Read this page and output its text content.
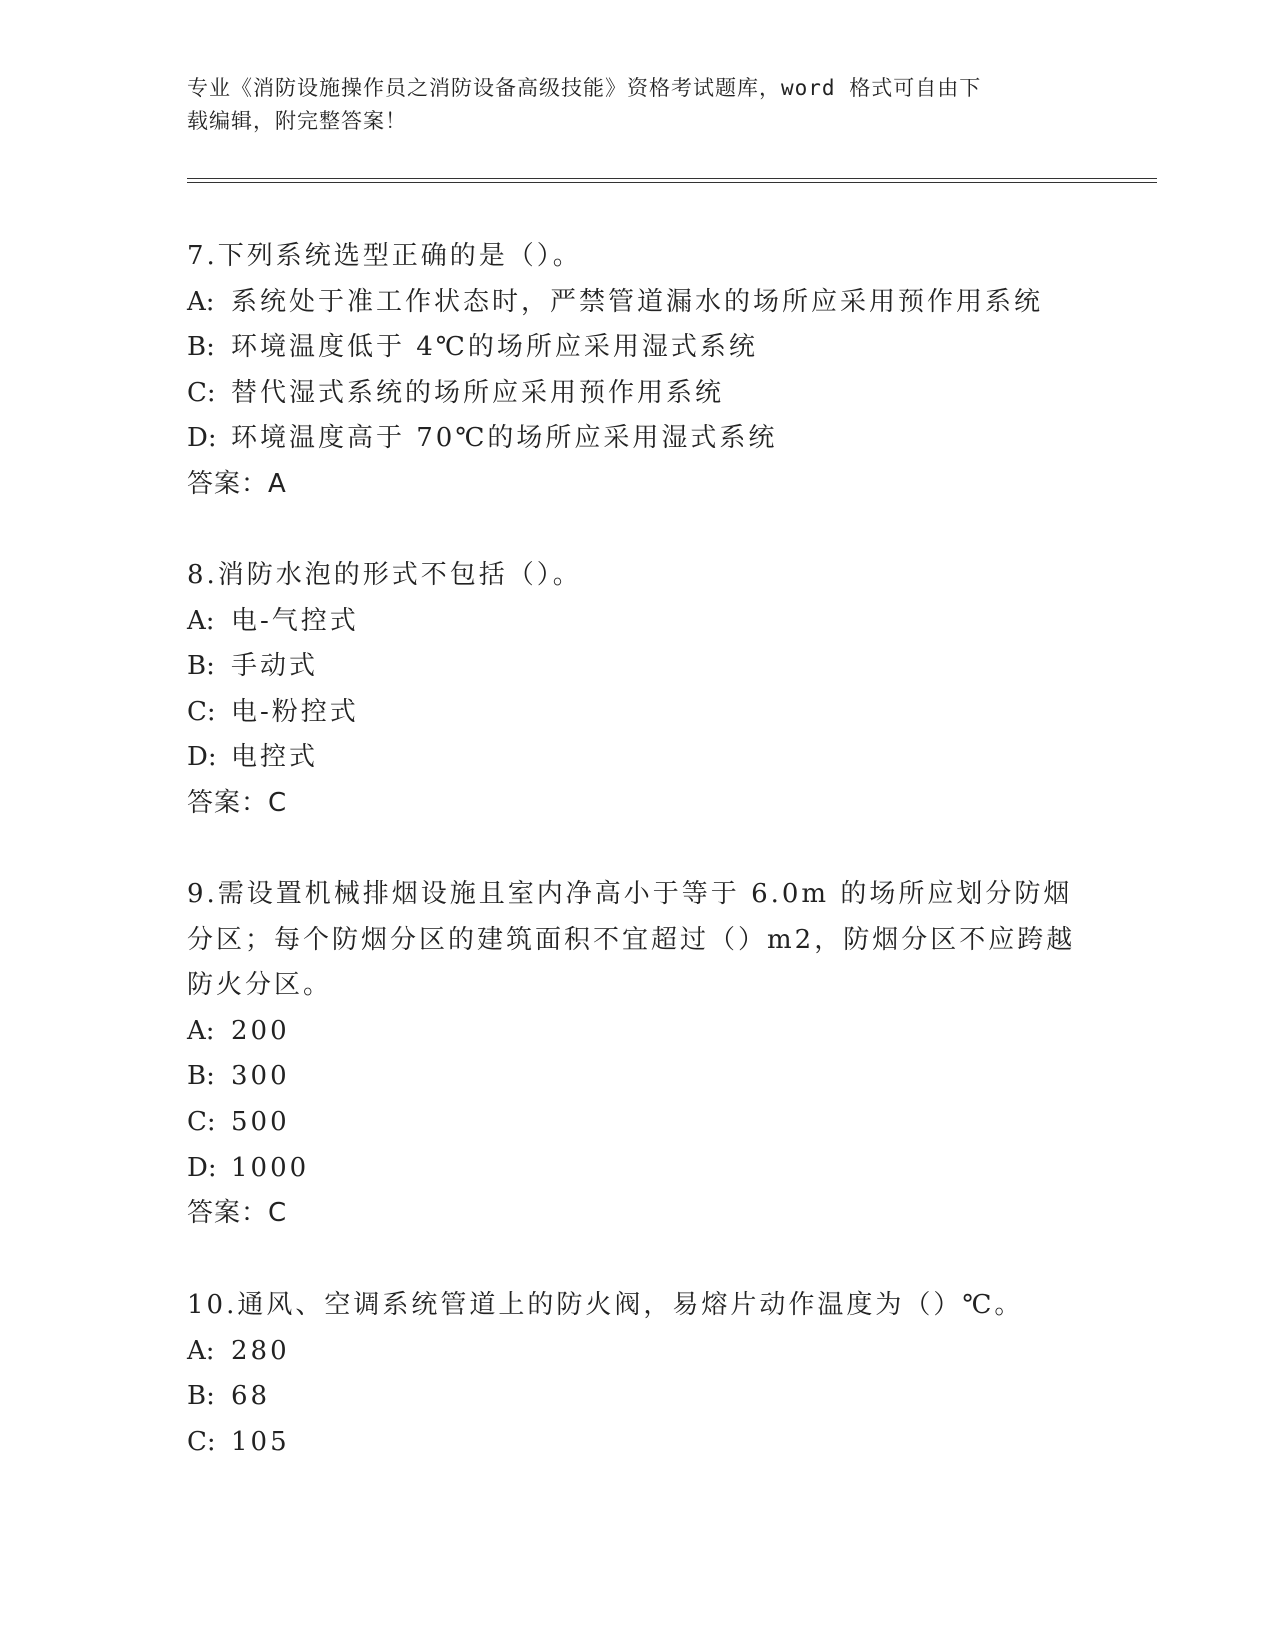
专业《消防设施操作员之消防设备高级技能》资格考试题库，word 格式可自由下
载编辑，附完整答案！
7.下列系统选型正确的是（）。
A: 系统处于准工作状态时，严禁管道漏水的场所应采用预作用系统
B: 环境温度低于 4℃的场所应采用湿式系统
C: 替代湿式系统的场所应采用预作用系统
D: 环境温度高于 70℃的场所应采用湿式系统
答案：A
8.消防水泡的形式不包括（）。
A: 电-气控式
B: 手动式
C: 电-粉控式
D: 电控式
答案：C
9.需设置机械排烟设施且室内净高小于等于 6.0m 的场所应划分防烟分区；每个防烟分区的建筑面积不宜超过（）m2，防烟分区不应跨越防火分区。
A: 200
B: 300
C: 500
D: 1000
答案：C
10.通风、空调系统管道上的防火阀，易熔片动作温度为（）℃。
A: 280
B: 68
C: 105
